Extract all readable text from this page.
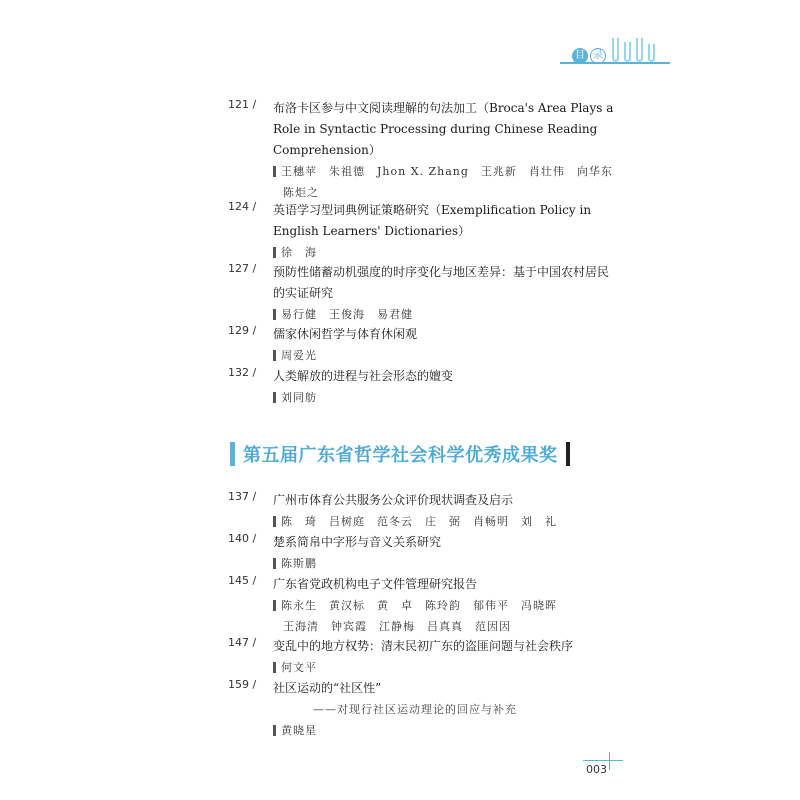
目 录
121 /	布洛卡区参与中文阅读理解的句法加工（Broca's Area Plays a Role in Syntactic Processing during Chinese Reading Comprehension）
王穗苹　朱祖德　Jhon X. Zhang　王兆新　肖壮伟　向华东
陈炬之
124 /	英语学习型词典例证策略研究（Exemplification Policy in English Learners' Dictionaries）
徐　海
127 /	预防性储蓄动机强度的时序变化与地区差异：基于中国农村居民的实证研究
易行健　王俊海　易君健
129 /	儒家休闲哲学与体育休闲观
周爱光
132 /	人类解放的进程与社会形态的嬗变
刘同舫
第五届广东省哲学社会科学优秀成果奖
137 /	广州市体育公共服务公众评价现状调查及启示
陈　琦　吕树庭　范冬云　庄　弼　肖畅明　刘　礼
140 /	楚系简帛中字形与音义关系研究
陈斯鹏
145 /	广东省党政机构电子文件管理研究报告
陈永生　黄汉标　黄　卓　陈玲韵　郁伟平　冯晓晖
王海清　钟宾霞　江静梅　吕真真　范因因
147 /	变乱中的地方权势：清末民初广东的盗匪问题与社会秩序
何文平
159 /	社区运动的“社区性”
——对现行社区运动理论的回应与补充
黄晓星
003
